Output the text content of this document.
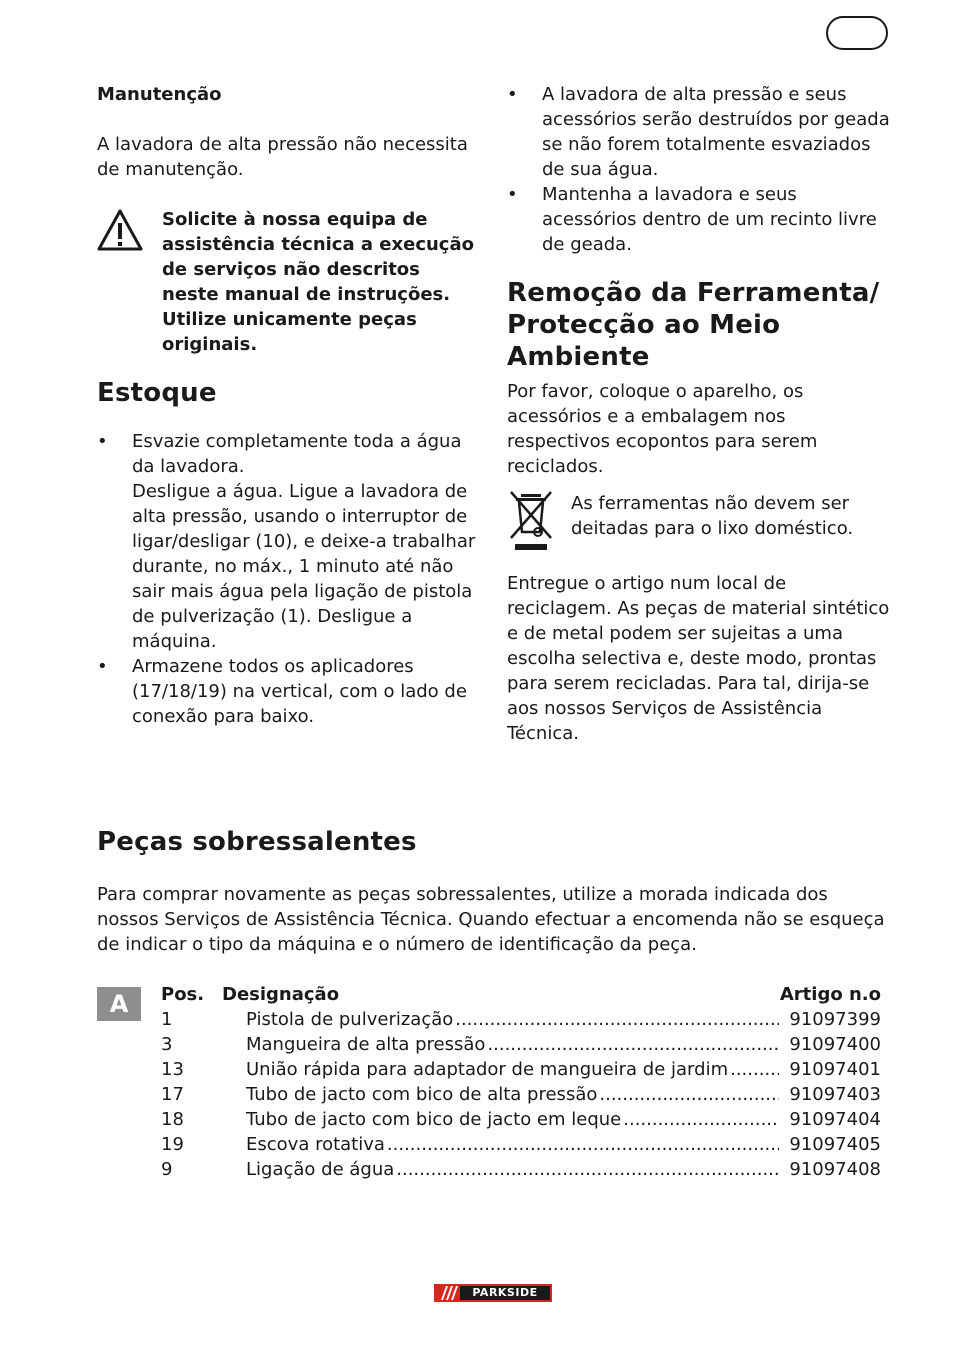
Manutenção

A lavadora de alta pressão não necessita de manutenção.

Solicite à nossa equipa de assistência técnica a execução de serviços não descritos neste manual de instruções. Utilize unicamente peças originais.

Estoque
•	Esvazie completamente toda a água da lavadora.

Desligue a água. Ligue a lavadora de alta pressão, usando o interruptor de ligar/desligar (10), e deixe-a trabalhar durante, no máx., 1 minuto até não sair mais água pela ligação de pistola de pulverização (1). Desligue a máquina.

•	Armazene todos os aplicadores (17/18/19) na vertical, com o lado de conexão para baixo.

•	A lavadora de alta pressão e seus acessórios serão destruídos por geada se não forem totalmente esvaziados de sua água.

•	Mantenha a lavadora e seus acessórios dentro de um recinto livre de geada.

Remoção da Ferramenta/ Protecção ao Meio Ambiente

Por favor, coloque o aparelho, os acessórios e a embalagem nos respectivos ecopontos para serem reciclados.

As ferramentas não devem ser deitadas para o lixo doméstico.

Entregue o artigo num local de reciclagem. As peças de material sintético e de metal podem ser sujeitas a uma escolha selectiva e, deste modo, prontas para serem recicladas. Para tal, dirija-se aos nossos Serviços de Assistência Técnica.

Peças sobressalentes

Para comprar novamente as peças sobressalentes, utilize a morada indicada dos nossos Serviços de Assistência Técnica. Quando efectuar a encomenda não se esqueça de indicar o tipo da máquina e o número de identificação da peça.

A	Pos. Designação	Artigo n.o
1	Pistola de pulverização .....	91097399
3	Mangueira de alta pressão .....	91097400
13	União rápida para adaptador de mangueira de jardim .....	91097401
17	Tubo de jacto com bico de alta pressão .....	91097403
18	Tubo de jacto com bico de jacto em leque .....	91097404
19	Escova rotativa .....	91097405
9	Ligação de água .....	91097408
PARKSIDE
